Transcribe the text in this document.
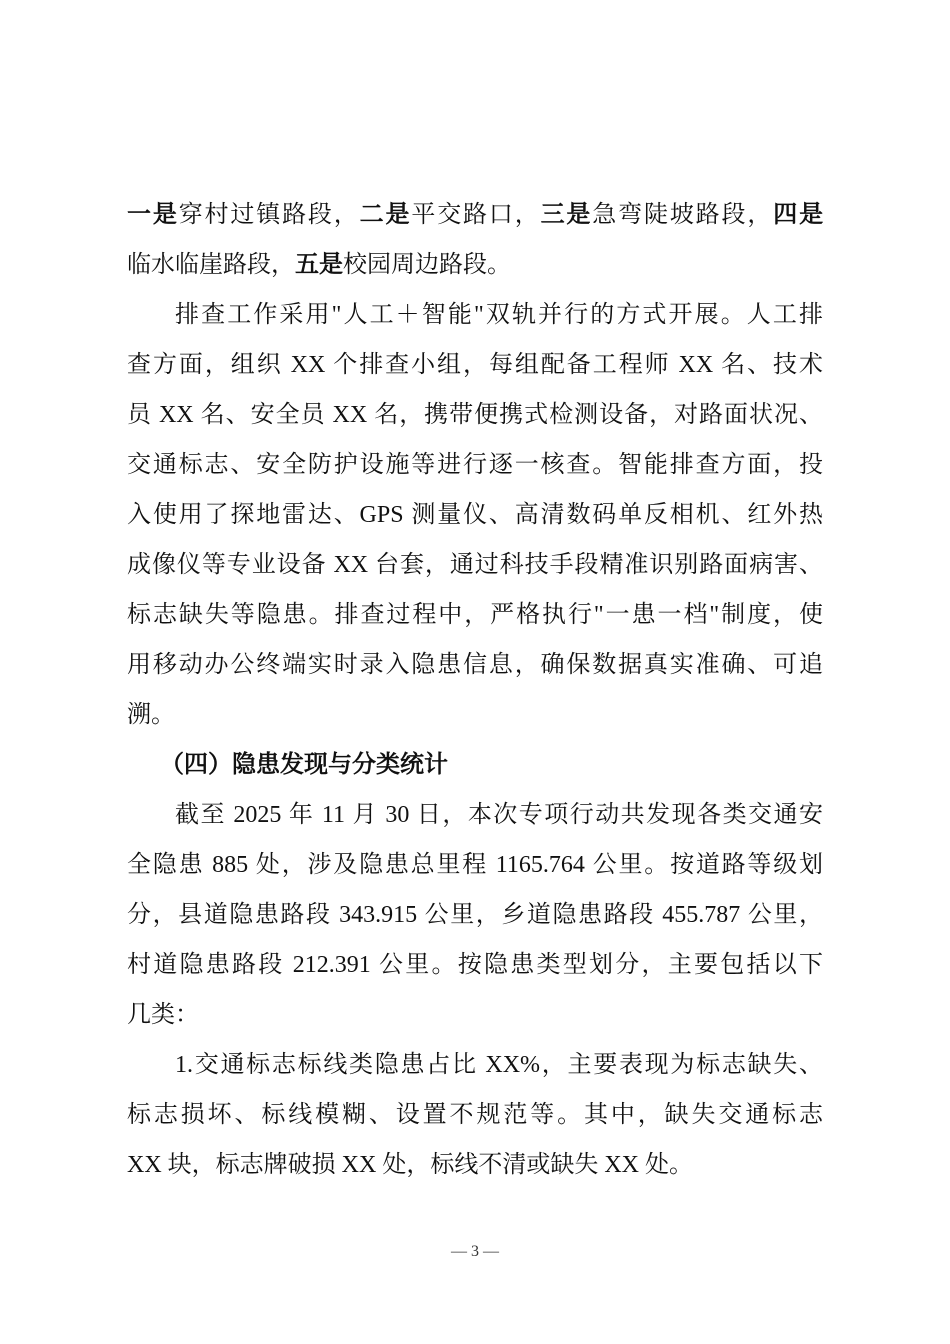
一是穿村过镇路段，二是平交路口，三是急弯陡坡路段，四是
临水临崖路段，五是校园周边路段。
排查工作采用"人工＋智能"双轨并行的方式开展。人工排
查方面，组织 XX 个排查小组，每组配备工程师 XX 名、技术
员 XX 名、安全员 XX 名，携带便携式检测设备，对路面状况、
交通标志、安全防护设施等进行逐一核查。智能排查方面，投
入使用了探地雷达、GPS 测量仪、高清数码单反相机、红外热
成像仪等专业设备 XX 台套，通过科技手段精准识别路面病害、
标志缺失等隐患。排查过程中，严格执行"一患一档"制度，使
用移动办公终端实时录入隐患信息，确保数据真实准确、可追
溯。
（四）隐患发现与分类统计
截至 2025 年 11 月 30 日，本次专项行动共发现各类交通安
全隐患 885 处，涉及隐患总里程 1165.764 公里。按道路等级划
分，县道隐患路段 343.915 公里，乡道隐患路段 455.787 公里，
村道隐患路段 212.391 公里。按隐患类型划分，主要包括以下
几类：
1.交通标志标线类隐患占比 XX%，主要表现为标志缺失、
标志损坏、标线模糊、设置不规范等。其中，缺失交通标志
XX 块，标志牌破损 XX 处，标线不清或缺失 XX 处。
— 3 —
